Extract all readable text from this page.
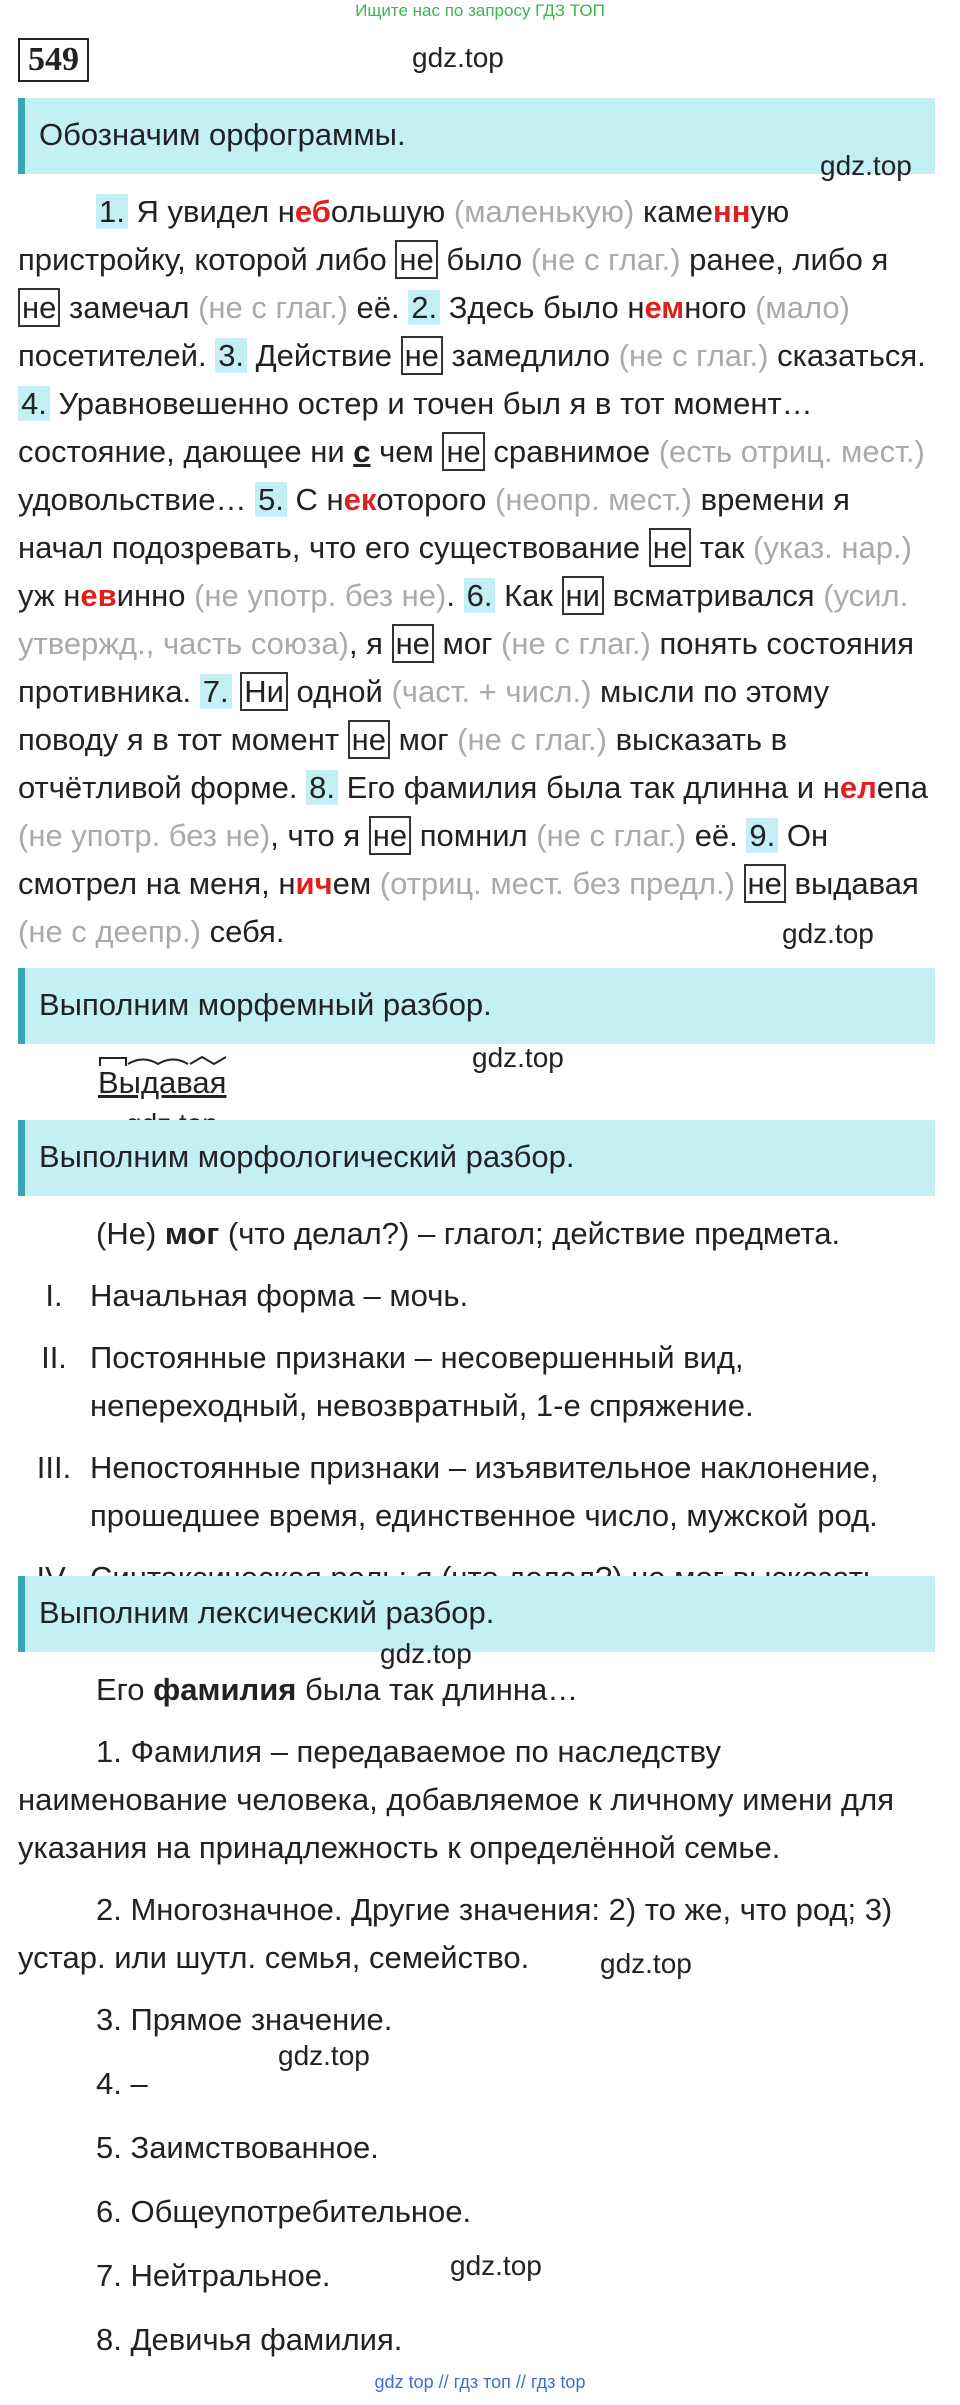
Ищите нас по запросу ГДЗ ТОП
549	gdz.top
Обозначим орфограммы.
gdz.top

1. Я увидел небольшую (маленькую) каменную пристройку, которой либо не было (не с глаг.) ранее, либо я не замечал (не с глаг.) её. 2. Здесь было немного (мало) посетителей. 3. Действие не замедлило (не с глаг.) сказаться. 4. Уравновешенно остер и точен был я в тот момент… состояние, дающее ни с чем не сравнимое (есть отриц. мест.) удовольствие… 5. С некоторого (неопр. мест.) времени я начал подозревать, что его существование не так (указ. нар.) уж невинно (не употр. без не). 6. Как ни всматривался (усил. утвержд., часть союза), я не мог (не с глаг.) понять состояния противника. 7. Ни одной (част. + числ.) мысли по этому поводу я в тот момент не мог (не с глаг.) высказать в отчётливой форме. 8. Его фамилия была так длинна и нелепа (не употр. без не), что я не помнил (не с глаг.) её. 9. Он смотрел на меня, ничем (отриц. мест. без предл.) не выдавая (не с деепр.) себя.	gdz.top
Выполним морфемный разбор.
gdz.top
Выдавая
Выполним морфологический разбор.

(Не) мог (что делал?) – глагол; действие предмета.

I. Начальная форма – мочь.
II. Постоянные признаки – несовершенный вид, непереходный, невозвратный, 1-е спряжение.
III. Непостоянные признаки – изъявительное наклонение, прошедшее время, единственное число, мужской род.
Выполним лексический разбор.
gdz.top

Его фамилия была так длинна…

1. Фамилия – передаваемое по наследству наименование человека, добавляемое к личному имени для указания на принадлежность к определённой семье.

2. Многозначное. Другие значения: 2) то же, что род; 3) устар. или шутл. семья, семейство.

3. Прямое значение.

4. –

5. Заимствованное.

6. Общеупотребительное.

7. Нейтральное.

8. Девичья фамилия.

gdz.top
gdz.top
gdz.top
gdz top // гдз топ // гдз top
